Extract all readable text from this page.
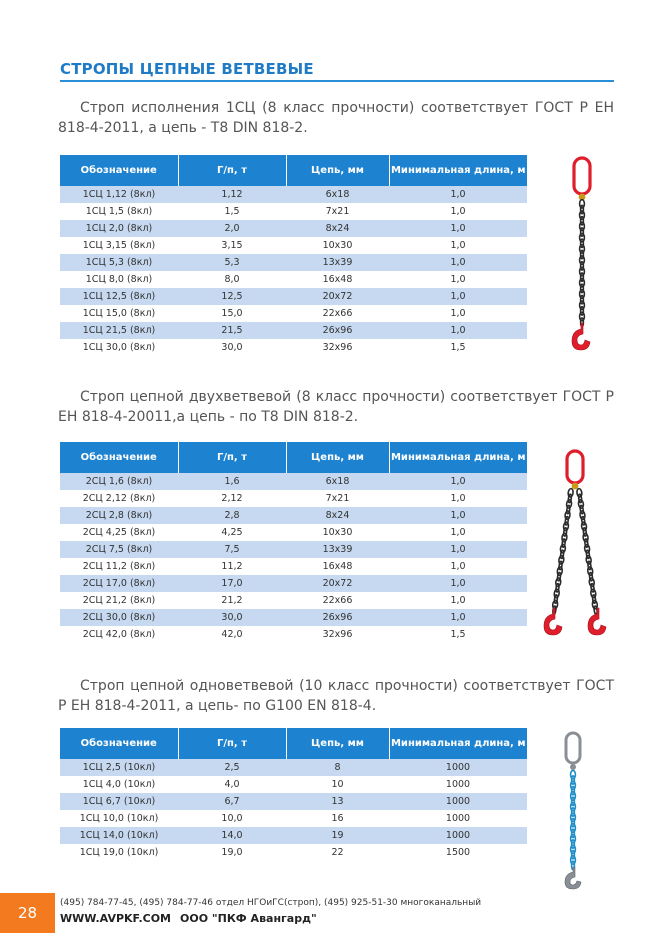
СТРОПЫ ЦЕПНЫЕ ВЕТВЕВЫЕ
Строп исполнения 1СЦ (8 класс прочности) соответствует ГОСТ Р ЕН 818-4-2011, а цепь - Т8 DIN 818-2.
Обозначение	Г/п, т	Цепь, мм	Минимальная длина, м
1СЦ 1,12 (8кл)	1,12	6х18	1,0
1СЦ 1,5 (8кл)	1,5	7х21	1,0
1СЦ 2,0 (8кл)	2,0	8х24	1,0
1СЦ 3,15 (8кл)	3,15	10х30	1,0
1СЦ 5,3 (8кл)	5,3	13х39	1,0
1СЦ 8,0 (8кл)	8,0	16х48	1,0
1СЦ 12,5 (8кл)	12,5	20х72	1,0
1СЦ 15,0 (8кл)	15,0	22х66	1,0
1СЦ 21,5 (8кл)	21,5	26х96	1,0
1СЦ 30,0 (8кл)	30,0	32х96	1,5
Строп цепной двухветвевой (8 класс прочности) соответствует ГОСТ Р ЕН 818-4-20011,а цепь - по Т8 DIN 818-2.
Обозначение	Г/п, т	Цепь, мм	Минимальная длина, м
2СЦ 1,6 (8кл)	1,6	6х18	1,0
2СЦ 2,12 (8кл)	2,12	7х21	1,0
2СЦ 2,8 (8кл)	2,8	8х24	1,0
2СЦ 4,25 (8кл)	4,25	10х30	1,0
2СЦ 7,5 (8кл)	7,5	13х39	1,0
2СЦ 11,2 (8кл)	11,2	16х48	1,0
2СЦ 17,0 (8кл)	17,0	20х72	1,0
2СЦ 21,2 (8кл)	21,2	22х66	1,0
2СЦ 30,0 (8кл)	30,0	26х96	1,0
2СЦ 42,0 (8кл)	42,0	32х96	1,5
Строп цепной одноветвевой (10 класс прочности) соответствует ГОСТ Р ЕН 818-4-2011, а цепь- по G100 EN 818-4.
Обозначение	Г/п, т	Цепь, мм	Минимальная длина, м
1СЦ 2,5 (10кл)	2,5	8	1000
1СЦ 4,0 (10кл)	4,0	10	1000
1СЦ 6,7 (10кл)	6,7	13	1000
1СЦ 10,0 (10кл)	10,0	16	1000
1СЦ 14,0 (10кл)	14,0	19	1000
1СЦ 19,0 (10кл)	19,0	22	1500
28
(495) 784-77-45, (495) 784-77-46 отдел НГОиГС(строп), (495) 925-51-30 многоканальный
WWW.AVPKF.COM ООО "ПКФ Авангард"
